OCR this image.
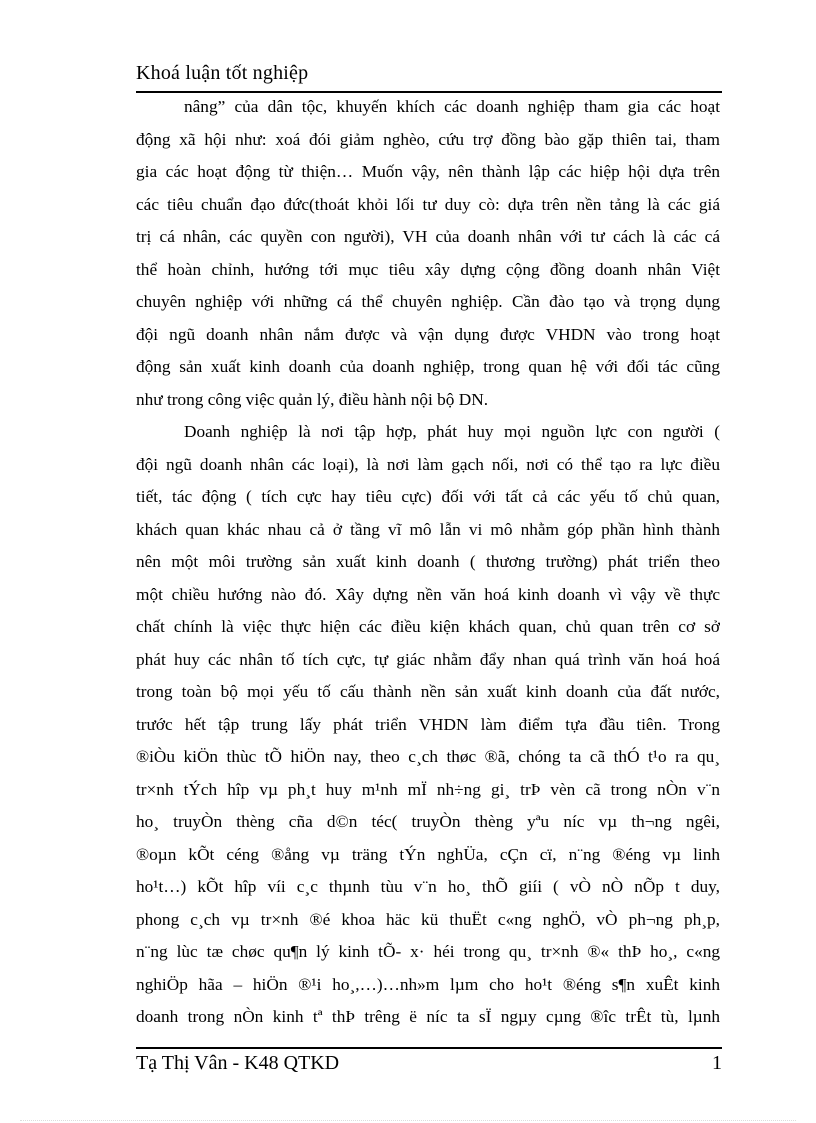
Khoá luận tốt nghiệp

nâng” của dân tộc, khuyến khích các doanh nghiệp tham gia các hoạt
động xã hội như: xoá đói giảm nghèo, cứu trợ đồng bào gặp thiên tai, tham
gia các hoạt động từ thiện… Muốn vậy, nên thành lập các hiệp hội dựa trên
các tiêu chuẩn đạo đức(thoát khỏi lối tư duy cò: dựa trên nền tảng là các giá
trị cá nhân, các quyền con người), VH của doanh nhân với tư cách là các cá
thể hoàn chỉnh, hướng tới mục tiêu xây dựng cộng đồng doanh nhân Việt
chuyên nghiệp với những cá thể chuyên nghiệp. Cần đào tạo và trọng dụng
đội ngũ doanh nhân nắm được và vận dụng được VHDN vào trong hoạt
động sản xuất kinh doanh của doanh nghiệp, trong quan hệ với đối tác cũng
như trong công việc quản lý, điều hành nội bộ DN.

Doanh nghiệp là nơi tập hợp, phát huy mọi nguồn lực con người (
đội ngũ doanh nhân các loại), là nơi làm gạch nối, nơi có thể tạo ra lực điều
tiết, tác động ( tích cực hay tiêu cực) đối với tất cả các yếu tố chủ quan,
khách quan khác nhau cả ở tầng vĩ mô lẫn vi mô nhằm góp phần hình thành
nên một môi trường sản xuất kinh doanh ( thương trường) phát triển theo
một chiều hướng nào đó. Xây dựng nền văn hoá kinh doanh vì vậy về thực
chất chính là việc thực hiện các điều kiện khách quan, chủ quan trên cơ sở
phát huy các nhân tố tích cực, tự giác nhằm đẩy nhan quá trình văn hoá hoá
trong toàn bộ mọi yếu tố cấu thành nền sản xuất kinh doanh của đất nước,
trước hết tập trung lấy phát triển VHDN làm điểm tựa đầu tiên. Trong
®iÒu kiÖn thùc tÕ hiÖn nay, theo c¸ch thøc ®ã, chóng ta cã thÓ t¹o ra qu¸
tr×nh tÝch hîp vµ ph¸t huy m¹nh mÏ nh÷ng gi¸ trÞ vèn cã trong nÒn v¨n
ho¸ truyÒn thèng cña d©n téc( truyÒn thèng yªu níc vµ th¬ng ngêi,
®oµn kÕt céng ®ång vµ träng tÝn nghÜa, cÇn cï, n¨ng ®éng vµ linh
ho¹t…) kÕt hîp víi c¸c thµnh tùu v¨n ho¸ thÕ giíi ( vÒ nÒ nÕp t duy,
phong c¸ch vµ tr×nh ®é khoa häc kü thuËt c«ng nghÖ, vÒ ph¬ng ph¸p,
n¨ng lùc tæ chøc qu¶n lý kinh tÕ- x· héi trong qu¸ tr×nh ®« thÞ ho¸, c«ng
nghiÖp hãa – hiÖn ®¹i ho¸,…)…nh»m lµm cho ho¹t ®éng s¶n xuÊt kinh
doanh trong nÒn kinh tª thÞ trêng ë níc ta sÏ ngµy cµng ®îc trÊt tù, lµnh

Tạ Thị Vân - K48 QTKD	1
